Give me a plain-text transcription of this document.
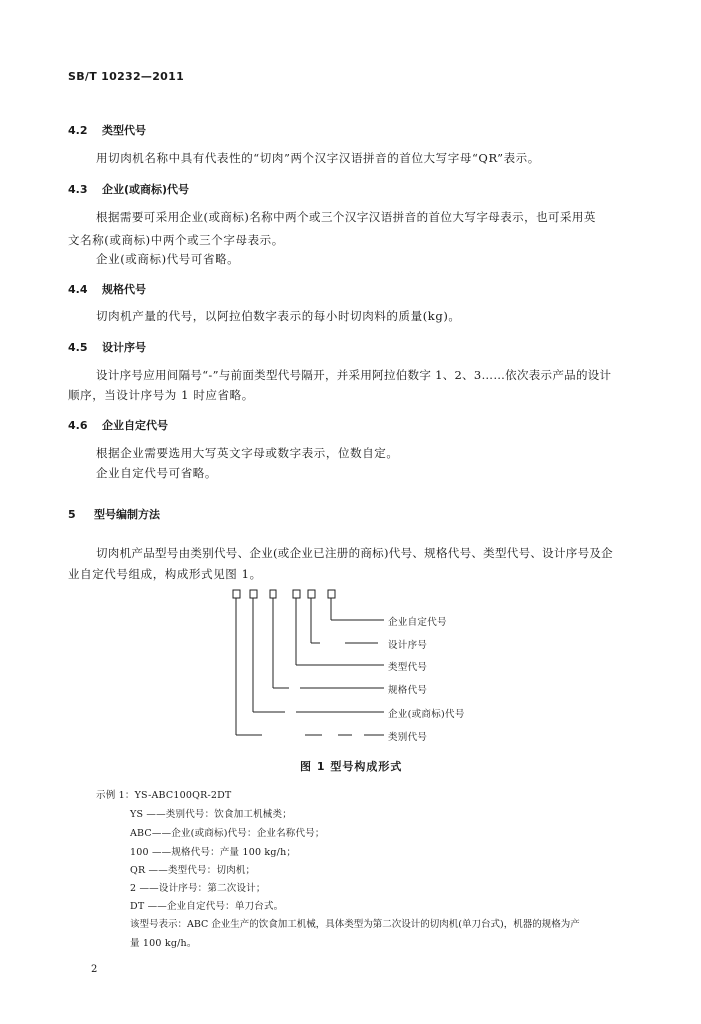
SB/T 10232—2011
4.2 类型代号
用切肉机名称中具有代表性的“切肉”两个汉字汉语拼音的首位大写字母“QR”表示。
4.3 企业(或商标)代号
根据需要可采用企业(或商标)名称中两个或三个汉字汉语拼音的首位大写字母表示，也可采用英
文名称(或商标)中两个或三个字母表示。
企业(或商标)代号可省略。
4.4 规格代号
切肉机产量的代号，以阿拉伯数字表示的每小时切肉料的质量(kg)。
4.5 设计序号
设计序号应用间隔号“-”与前面类型代号隔开，并采用阿拉伯数字 1、2、3……依次表示产品的设计
顺序，当设计序号为 1 时应省略。
4.6 企业自定代号
根据企业需要选用大写英文字母或数字表示，位数自定。
企业自定代号可省略。
5 型号编制方法
切肉机产品型号由类别代号、企业(或企业已注册的商标)代号、规格代号、类型代号、设计序号及企
业自定代号组成，构成形式见图 1。
企业自定代号
设计序号
类型代号
规格代号
企业(或商标)代号
类别代号
图 1 型号构成形式
示例 1：YS-ABC100QR-2DT
YS ——类别代号：饮食加工机械类；
ABC——企业(或商标)代号：企业名称代号；
100 ——规格代号：产量 100 kg/h；
QR ——类型代号：切肉机；
2 ——设计序号：第二次设计；
DT ——企业自定代号：单刀台式。
该型号表示：ABC 企业生产的饮食加工机械，具体类型为第二次设计的切肉机(单刀台式)，机器的规格为产
量 100 kg/h。
2
